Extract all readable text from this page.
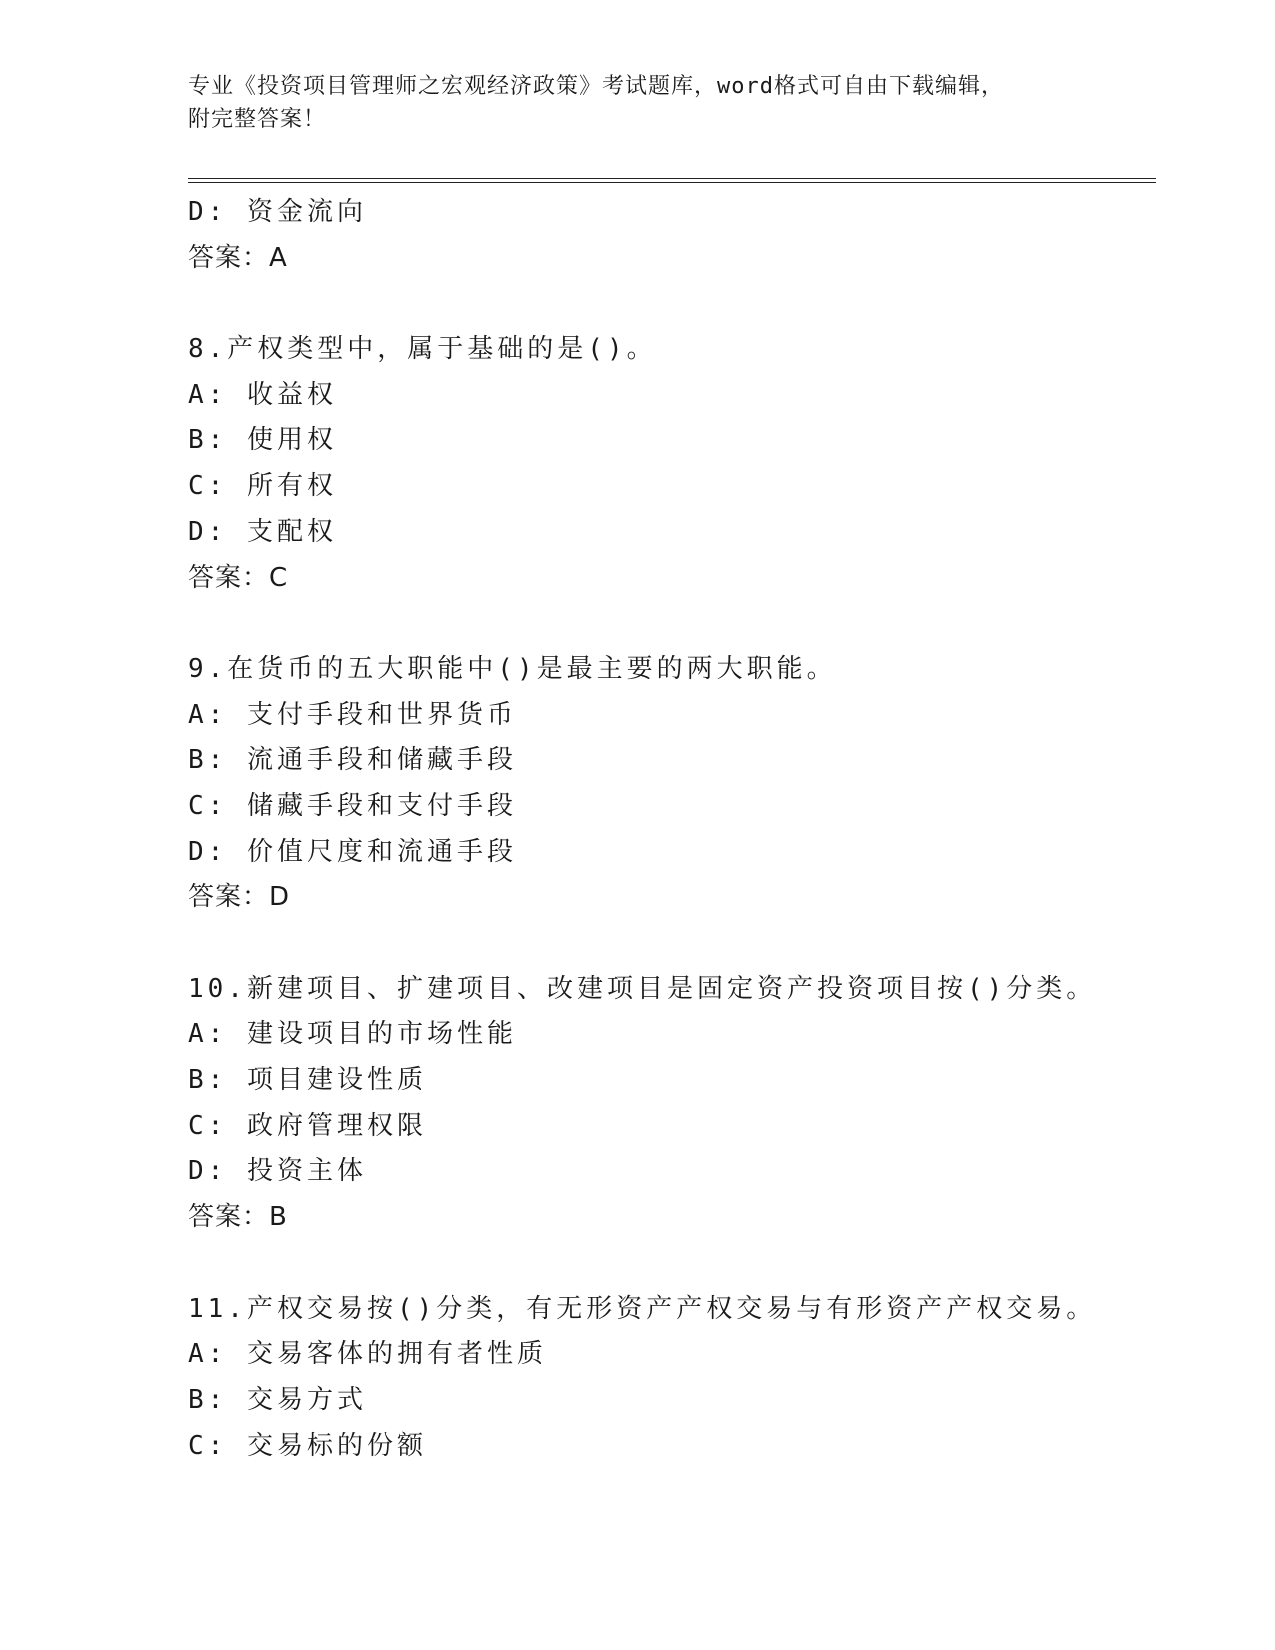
专业《投资项目管理师之宏观经济政策》考试题库，word格式可自由下载编辑，
附完整答案！
D: 资金流向
答案：A
8.产权类型中，属于基础的是()。
A: 收益权
B: 使用权
C: 所有权
D: 支配权
答案：C
9.在货币的五大职能中()是最主要的两大职能。
A: 支付手段和世界货币
B: 流通手段和储藏手段
C: 储藏手段和支付手段
D: 价值尺度和流通手段
答案：D
10.新建项目、扩建项目、改建项目是固定资产投资项目按()分类。
A: 建设项目的市场性能
B: 项目建设性质
C: 政府管理权限
D: 投资主体
答案：B
11.产权交易按()分类，有无形资产产权交易与有形资产产权交易。
A: 交易客体的拥有者性质
B: 交易方式
C: 交易标的份额
